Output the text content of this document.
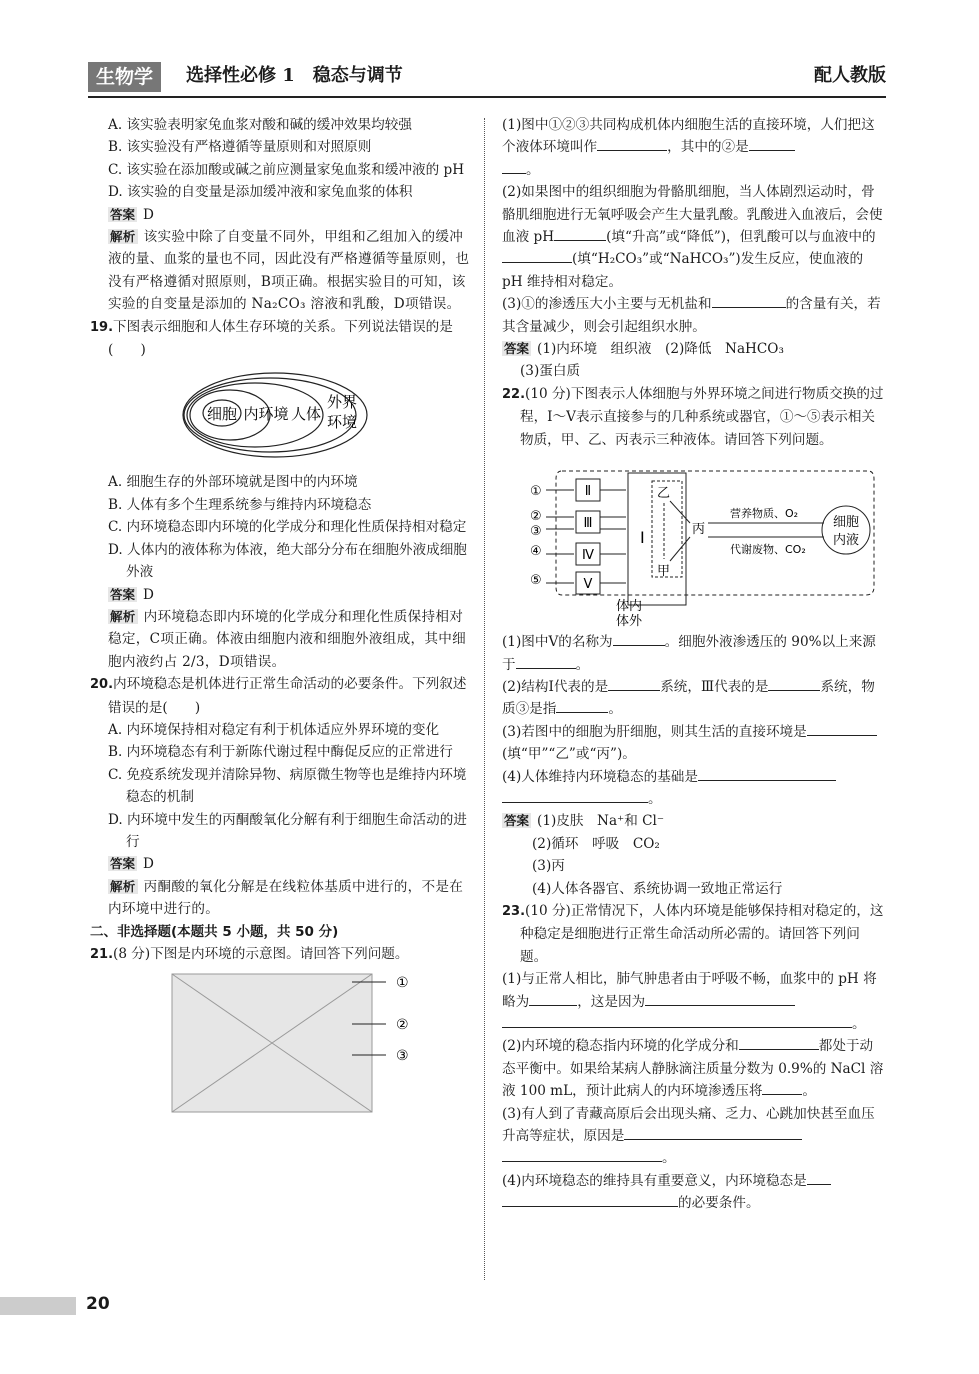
生物学	选择性必修 1　稳态与调节	配人教版
A. 该实验表明家兔血浆对酸和碱的缓冲效果均较强
B. 该实验没有严格遵循等量原则和对照原则
C. 该实验在添加酸或碱之前应测量家兔血浆和缓冲液的 pH
D. 该实验的自变量是添加缓冲液和家兔血浆的体积
答案 D
解析 该实验中除了自变量不同外，甲组和乙组加入的缓冲液的量、血浆的量也不同，因此没有严格遵循等量原则，也没有严格遵循对照原则，B项正确。根据实验目的可知，该实验的自变量是添加的 Na₂CO₃ 溶液和乳酸，D项错误。
19.下图表示细胞和人体生存环境的关系。下列说法错误的是(　　)
细胞 内环境 人体
外界
环境
A. 细胞生存的外部环境就是图中的内环境
B. 人体有多个生理系统参与维持内环境稳态
C. 内环境稳态即内环境的化学成分和理化性质保持相对稳定
D. 人体内的液体称为体液，绝大部分分布在细胞外液成细胞外液
答案 D
解析 内环境稳态即内环境的化学成分和理化性质保持相对稳定，C项正确。体液由细胞内液和细胞外液组成，其中细胞内液约占 2/3，D项错误。
20.内环境稳态是机体进行正常生命活动的必要条件。下列叙述错误的是(　　)
A. 内环境保持相对稳定有利于机体适应外界环境的变化
B. 内环境稳态有利于新陈代谢过程中酶促反应的正常进行
C. 免疫系统发现并清除异物、病原微生物等也是维持内环境稳态的机制
D. 内环境中发生的丙酮酸氧化分解有利于细胞生命活动的进行
答案 D
解析 丙酮酸的氧化分解是在线粒体基质中进行的，不是在内环境中进行的。
二、非选择题(本题共 5 小题，共 50 分)
21.(8 分)下图是内环境的示意图。请回答下列问题。
①
②
③
(1)图中①②③共同构成机体内细胞生活的直接环境，人们把这个液体环境叫作	，其中的②是
。
(2)如果图中的组织细胞为骨骼肌细胞，当人体剧烈运动时，骨骼肌细胞进行无氧呼吸会产生大量乳酸。乳酸进入血液后，会使血液 pH	(填“升高”或“降低”)，但乳酸可以与血液中的(填“H₂CO₃”或“NaHCO₃”)发生反应，使血液的 pH 维持相对稳定。
(3)①的渗透压大小主要与无机盐和	的含量有关，若其含量减少，则会引起组织水肿。
答案 (1)内环境　组织液　(2)降低　NaHCO₃
(3)蛋白质
22.(10 分)下图表示人体细胞与外界环境之间进行物质交换的过程，Ⅰ～Ⅴ表示直接参与的几种系统或器官，①～⑤表示相关物质，甲、乙、丙表示三种液体。请回答下列问题。
①
②
③
④
⑤
Ⅱ
Ⅲ
Ⅳ
Ⅴ
Ⅰ
乙
甲
丙
营养物质、O₂
代谢废物、CO₂
细胞
内液
体内
体外
(1)图中Ⅴ的名称为	。细胞外液渗透压的 90%以上来源于	。
(2)结构Ⅰ代表的是	系统，Ⅲ代表的是	系统，物质③是指	。
(3)若图中的细胞为肝细胞，则其生活的直接环境是(填“甲”“乙”或“丙”)。
(4)人体维持内环境稳态的基础是
。
答案 (1)皮肤　Na⁺和 Cl⁻
(2)循环　呼吸　CO₂
(3)丙
(4)人体各器官、系统协调一致地正常运行
23.(10 分)正常情况下，人体内环境是能够保持相对稳定的，这种稳定是细胞进行正常生命活动所必需的。请回答下列问题。
(1)与正常人相比，肺气肿患者由于呼吸不畅，血浆中的 pH 将略为	，这是因为
。
(2)内环境的稳态指内环境的化学成分和	都处于动态平衡中。如果给某病人静脉滴注质量分数为 0.9%的 NaCl 溶液 100 mL，预计此病人的内环境渗透压将	。
(3)有人到了青藏高原后会出现头痛、乏力、心跳加快甚至血压升高等症状，原因是
。
(4)内环境稳态的维持具有重要意义，内环境稳态是
的必要条件。
20
